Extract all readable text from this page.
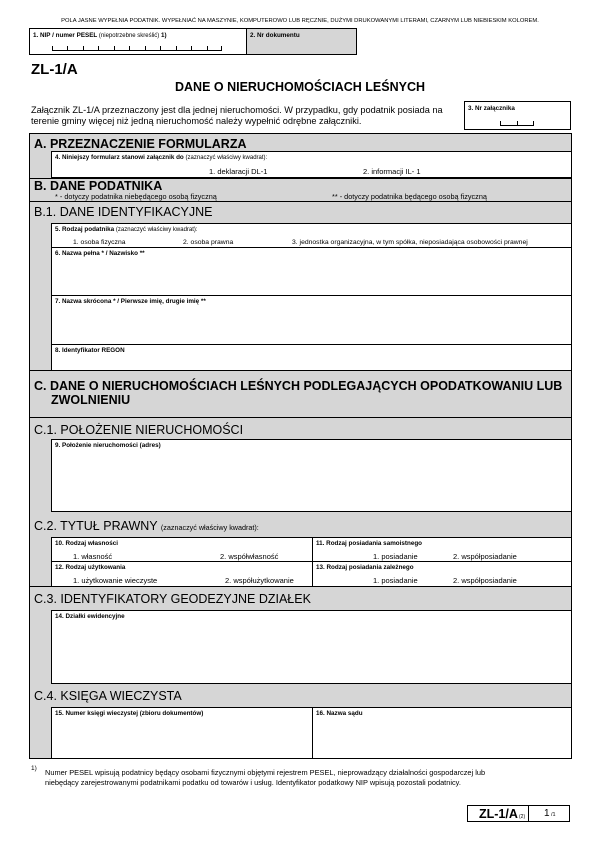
POLA JASNE WYPEŁNIA PODATNIK. WYPEŁNIAĆ NA MASZYNIE, KOMPUTEROWO LUB RĘCZNIE, DUŻYMI DRUKOWANYMI LITERAMI, CZARNYM LUB NIEBIESKIM KOLOREM.
1. NIP / numer PESEL (niepotrzebne skreślić) 1)	2. Nr dokumentu
ZL-1/A
DANE O NIERUCHOMOŚCIACH LEŚNYCH
Załącznik ZL-1/A przeznaczony jest dla jednej nieruchomości. W przypadku, gdy podatnik posiada na
terenie gminy więcej niż jedną nieruchomość należy wypełnić odrębne załączniki.
3. Nr załącznika
A. PRZEZNACZENIE FORMULARZA
4. Niniejszy formularz stanowi załącznik do (zaznaczyć właściwy kwadrat):
1. deklaracji DL-1	2. informacji IL- 1
B. DANE PODATNIKA
* - dotyczy podatnika niebędącego osobą fizyczną	** - dotyczy podatnika będącego osobą fizyczną
B.1. DANE IDENTYFIKACYJNE
5. Rodzaj podatnika (zaznaczyć właściwy kwadrat):
1. osoba fizyczna	2. osoba prawna	3. jednostka organizacyjna, w tym spółka, nieposiadająca osobowości prawnej
6. Nazwa pełna * / Nazwisko **
7. Nazwa skrócona * / Pierwsze imię, drugie imię **
8. Identyfikator REGON
C. DANE O NIERUCHOMOŚCIACH LEŚNYCH PODLEGAJĄCYCH OPODATKOWANIU LUB
ZWOLNIENIU
C.1. POŁOŻENIE NIERUCHOMOŚCI
9. Położenie nieruchomości (adres)
C.2. TYTUŁ PRAWNY (zaznaczyć właściwy kwadrat):
10. Rodzaj własności
1. własność	2. współwłasność
11. Rodzaj posiadania samoistnego
1. posiadanie	2. współposiadanie
12. Rodzaj użytkowania
1. użytkowanie wieczyste	2. współużytkowanie
13. Rodzaj posiadania zależnego
1. posiadanie	2. współposiadanie
C.3. IDENTYFIKATORY GEODEZYJNE DZIAŁEK
14. Działki ewidencyjne
C.4. KSIĘGA WIECZYSTA
15. Numer księgi wieczystej (zbioru dokumentów)	16. Nazwa sądu
1) Numer PESEL wpisują podatnicy będący osobami fizycznymi objętymi rejestrem PESEL, nieprowadzący działalności gospodarczej lub
niebędący zarejestrowanymi podatnikami podatku od towarów i usług. Identyfikator podatkowy NIP wpisują pozostali podatnicy.
ZL-1/A (2) 1 /1
